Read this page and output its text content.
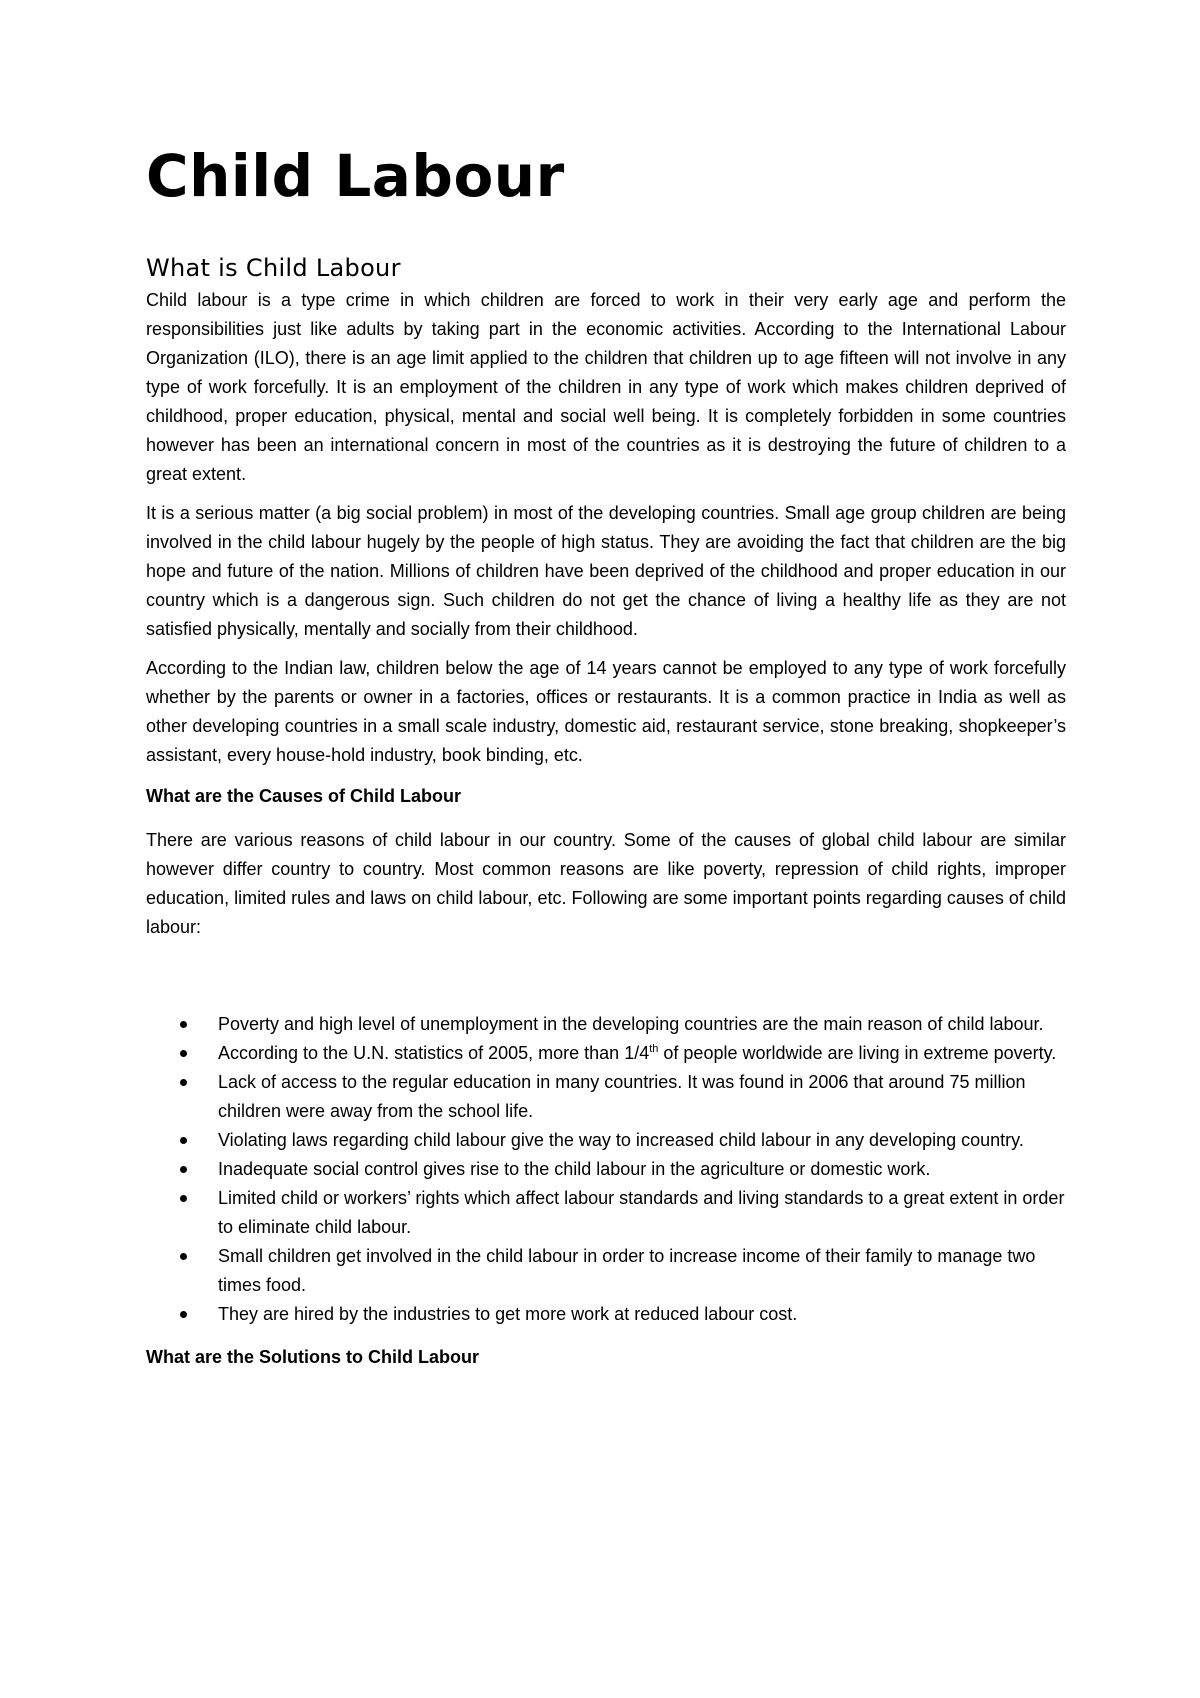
Child Labour
What is Child Labour

Child labour is a type crime in which children are forced to work in their very early age and perform the responsibilities just like adults by taking part in the economic activities. According to the International Labour Organization (ILO), there is an age limit applied to the children that children up to age fifteen will not involve in any type of work forcefully. It is an employment of the children in any type of work which makes children deprived of childhood, proper education, physical, mental and social well being. It is completely forbidden in some countries however has been an international concern in most of the countries as it is destroying the future of children to a great extent.

It is a serious matter (a big social problem) in most of the developing countries. Small age group children are being involved in the child labour hugely by the people of high status. They are avoiding the fact that children are the big hope and future of the nation. Millions of children have been deprived of the childhood and proper education in our country which is a dangerous sign. Such children do not get the chance of living a healthy life as they are not satisfied physically, mentally and socially from their childhood.

According to the Indian law, children below the age of 14 years cannot be employed to any type of work forcefully whether by the parents or owner in a factories, offices or restaurants. It is a common practice in India as well as other developing countries in a small scale industry, domestic aid, restaurant service, stone breaking, shopkeeper’s assistant, every house-hold industry, book binding, etc.

What are the Causes of Child Labour

There are various reasons of child labour in our country. Some of the causes of global child labour are similar however differ country to country. Most common reasons are like poverty, repression of child rights, improper education, limited rules and laws on child labour, etc. Following are some important points regarding causes of child labour:

Poverty and high level of unemployment in the developing countries are the main reason of child labour.
According to the U.N. statistics of 2005, more than 1/4th of people worldwide are living in extreme poverty.
Lack of access to the regular education in many countries. It was found in 2006 that around 75 million children were away from the school life.
Violating laws regarding child labour give the way to increased child labour in any developing country.
Inadequate social control gives rise to the child labour in the agriculture or domestic work.
Limited child or workers’ rights which affect labour standards and living standards to a great extent in order to eliminate child labour.
Small children get involved in the child labour in order to increase income of their family to manage two times food.
They are hired by the industries to get more work at reduced labour cost.
What are the Solutions to Child Labour
